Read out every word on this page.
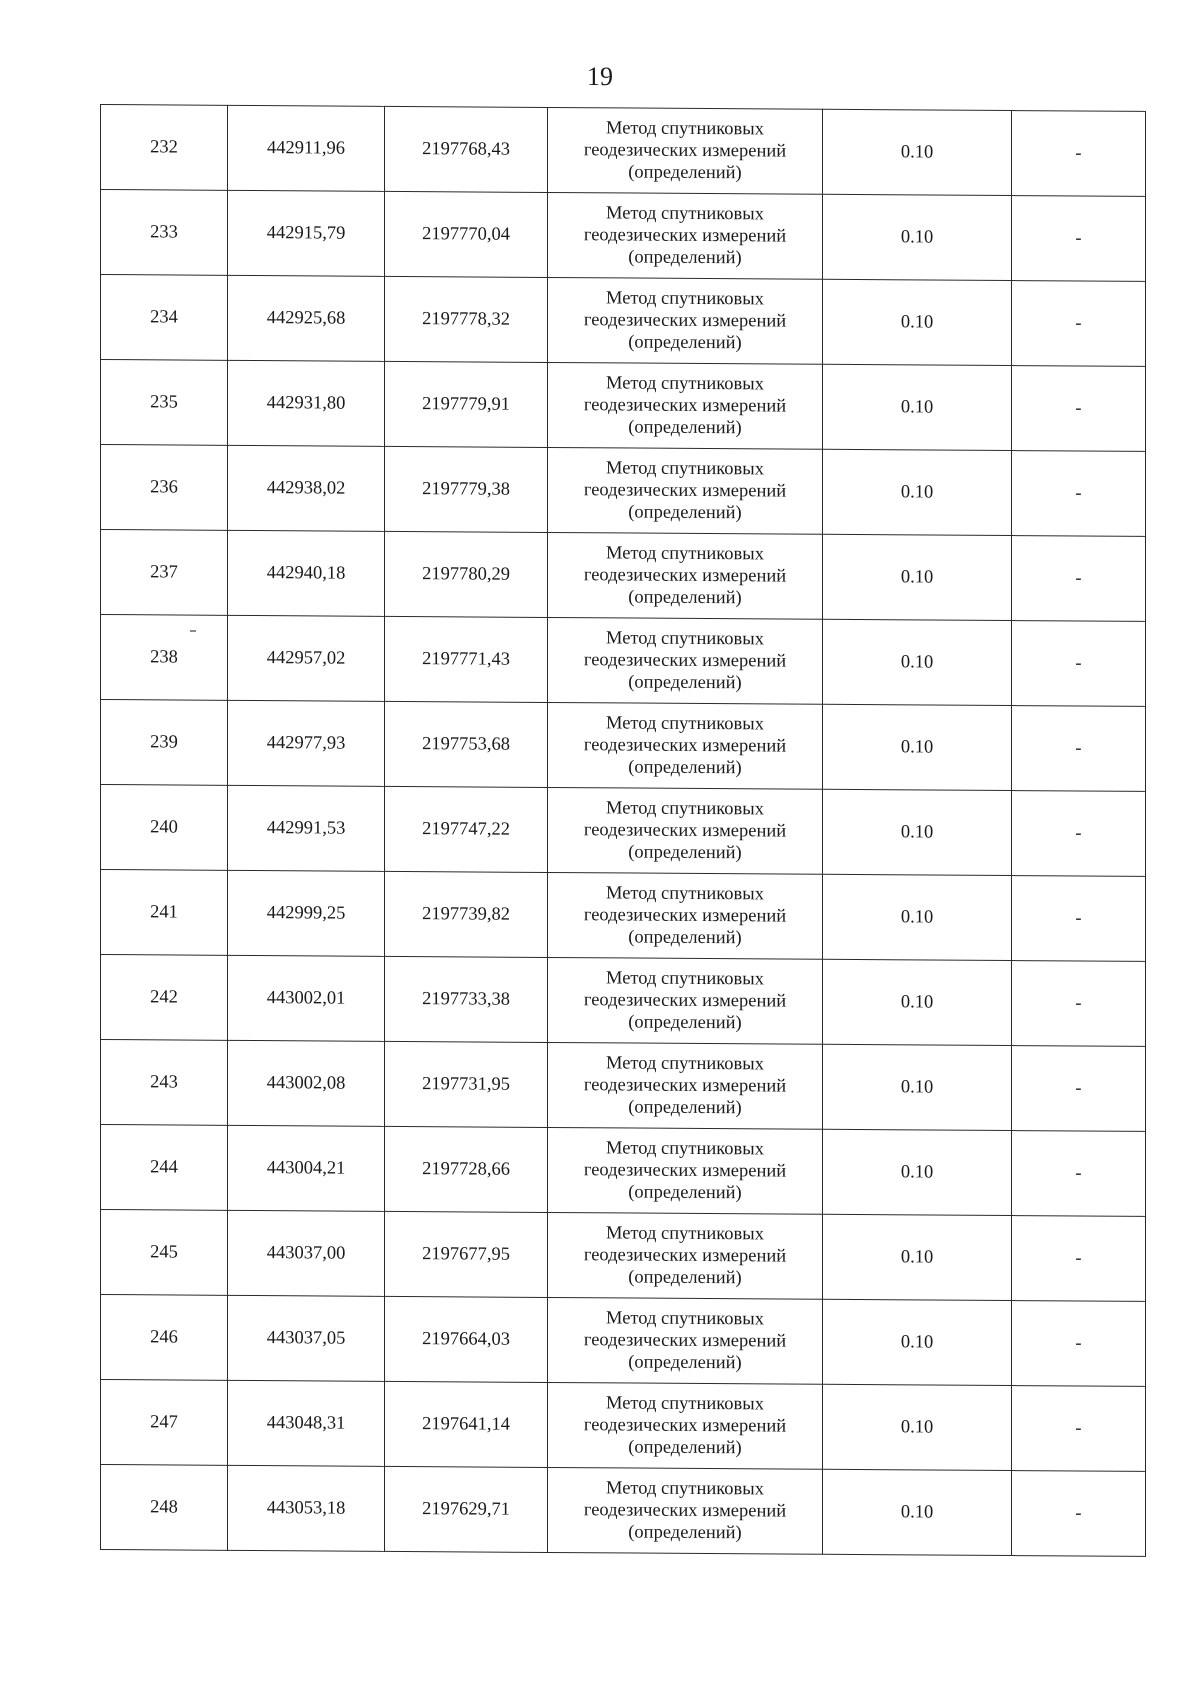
19
232	442911,96	2197768,43	Метод спутниковых
геодезических измерений
(определений)	0.10	-
233	442915,79	2197770,04	Метод спутниковых
геодезических измерений
(определений)	0.10	-
234	442925,68	2197778,32	Метод спутниковых
геодезических измерений
(определений)	0.10	-
235	442931,80	2197779,91	Метод спутниковых
геодезических измерений
(определений)	0.10	-
236	442938,02	2197779,38	Метод спутниковых
геодезических измерений
(определений)	0.10	-
237	442940,18	2197780,29	Метод спутниковых
геодезических измерений
(определений)	0.10	-
238	442957,02	2197771,43	Метод спутниковых
геодезических измерений
(определений)	0.10	-
239	442977,93	2197753,68	Метод спутниковых
геодезических измерений
(определений)	0.10	-
240	442991,53	2197747,22	Метод спутниковых
геодезических измерений
(определений)	0.10	-
241	442999,25	2197739,82	Метод спутниковых
геодезических измерений
(определений)	0.10	-
242	443002,01	2197733,38	Метод спутниковых
геодезических измерений
(определений)	0.10	-
243	443002,08	2197731,95	Метод спутниковых
геодезических измерений
(определений)	0.10	-
244	443004,21	2197728,66	Метод спутниковых
геодезических измерений
(определений)	0.10	-
245	443037,00	2197677,95	Метод спутниковых
геодезических измерений
(определений)	0.10	-
246	443037,05	2197664,03	Метод спутниковых
геодезических измерений
(определений)	0.10	-
247	443048,31	2197641,14	Метод спутниковых
геодезических измерений
(определений)	0.10	-
248	443053,18	2197629,71	Метод спутниковых
геодезических измерений
(определений)	0.10	-
